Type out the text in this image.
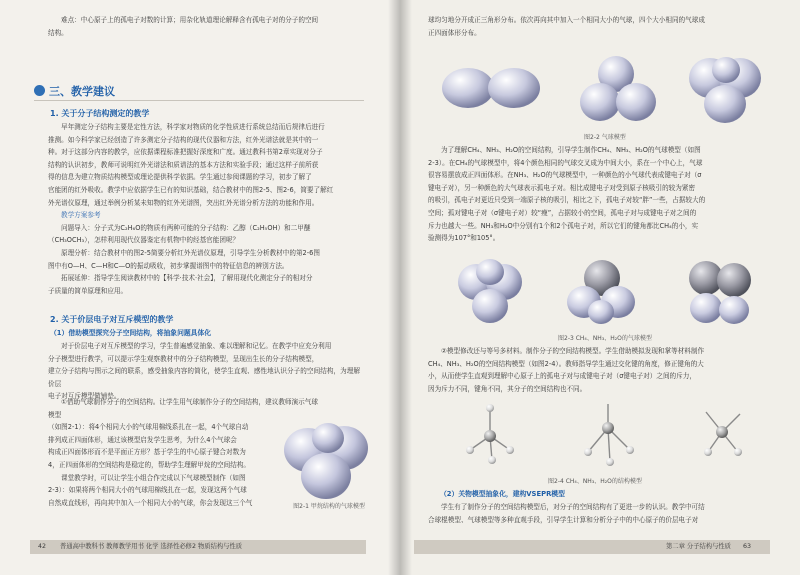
难点：中心原子上的孤电子对数的计算；用杂化轨道理论解释含有孤电子对的分子的空间

结构。

三、教学建议
1. 关于分子结构测定的教学

早年测定分子结构主要是定性方法，科学家对物质的化学性质进行系统总结而后规律后进行

推测。如今科学家已经创造了许多测定分子结构的现代仪器和方法，红外光谱法就是其中的一

种。对于这部分内容的教学，应依据课程标准把握好深度和广度。通过教科书第2章实现对分子

结构的认识初步，教师可说明红外光谱法和质谱法的基本方法和实验手段；通过这样子前所获

得的信息为建立物质结构模型或理论提供科学依据。学生通过参阅课题的学习，初步了解了

官能团的红外吸收。教学中应依据学生已有的知识基础，结合教材中的图2-5、图2-6，简要了解红

外光谱仪原理，通过举例分析某未知物的红外光谱图，突出红外光谱分析方法的功能和作用。

教学方案参考

问题导入：分子式为C₂H₆O的物质有两种可能的分子结构：乙醇（C₂H₅OH）和二甲醚

（CH₃OCH₃），怎样利用现代仪器鉴定有机物中的经基官能团呢？

原理分析：结合教材中的图2-5简要分析红外光谱仪原理，引导学生分析教材中的第2-6图

图中有O—H、C—H和C—O的振动吸收，初步掌握谱图中的特征信息的辨别方法。

拓展延伸：指导学生阅读教材中的【科学·技术·社会】，了解用现代化测定分子的相对分

子质量的简单原理和应用。

2. 关于价层电子对互斥模型的教学
（1）借助模型探究分子空间结构，将抽象问题具体化

对于价层电子对互斥模型的学习，学生普遍感觉抽象、难以理解和记忆。在教学中应充分利用

分子模型进行教学，可以提示学生观察教材中的分子结构模型，呈现出生长的分子结构模型，

建立分子结构与图示之间的联系，感受抽象内容的简化，使学生直观、感性地认识分子的空间结构，为理解价层

电子对互斥模型做铺垫。

①借助气球制作分子的空间结构。让学生用气球制作分子的空间结构，建议教师演示气球模型

（如图2-1）：将4个相同大小的气球用棉线系扎在一起，4个气球自动

排列成正四面体形，通过该模型启发学生思考，为什么4个气球会

构成正四面体形而不是平面正方形？基于学生的中心原子键合对数为

4，正四面体形的空间结构是稳定的，帮助学生理解甲烷的空间结构。

课堂教学时，可以让学生小组合作完成以下气球模型制作（如图

2-3）：如果将两个相同大小的气球用棉线扎在一起，发现这两个气球

自然成直线形，再向其中加入一个相同大小的气球，你会发现这三个气	图2-1 甲烷结构的气球模型
42 普通高中教科书 教师教学用书 化学 选择性必修2 物质结构与性质

球均匀地分开成正三角形分布。依次再向其中加入一个相同大小的气球，四个大小相同的气球成

正四面体形分布。

图2-2 气球模型

为了理解CH₄、NH₃、H₂O的空间结构，引导学生制作CH₄、NH₃、H₂O的气球模型（如图

2-3）。在CH₄的气球模型中，将4个颜色相同的气球交叉成为中间大小，系在一个中心上，气球

很容易摆放成正四面体形。在NH₃、H₂O的气球模型中，一种颜色的小气球代表成键电子对（σ

键电子对），另一种颜色的大气球表示孤电子对。相比成键电子对受到原子核吸引的较为紧密

的吸引，孤电子对更近只受到一端原子核的吸引，相比之下，孤电子对较“胖”一些，占据较大的

空间；孤对键电子对（σ键电子对）较“瘦”，占据较小的空间，孤电子对与成键电子对之间的

斥力也越大一些。NH₃和H₂O中分别有1个和2个孤电子对，所以它们的键角都比CH₄的小，实

验测得为107°和105°。

图2-3 CH₄、NH₃、H₂O的气球模型

②模型修改还与等号多材料。制作分子的空间结构模型。学生借助模拟发现和掌等材料制作

CH₄、NH₃、H₂O的空间结构模型（如图2-4）。教师指导学生通过交化键的角度，修正键角的大

小，从而使学生直观到理解中心原子上的孤电子对与成键电子对（σ键电子对）之间的斥力，

因为斥力不同，键角不同，其分子的空间结构也不同。

图2-4 CH₄、NH₃、H₂O的结构模型
（2）关物模型抽象化，建构VSEPR模型

学生有了制作分子的空间结构模型后，对分子的空间结构有了更进一步的认识。教学中可结

合球棍模型、气球模型等多种直观手段，引导学生计算和分析分子中的中心原子的价层电子对

第二章 分子结构与性质 63
